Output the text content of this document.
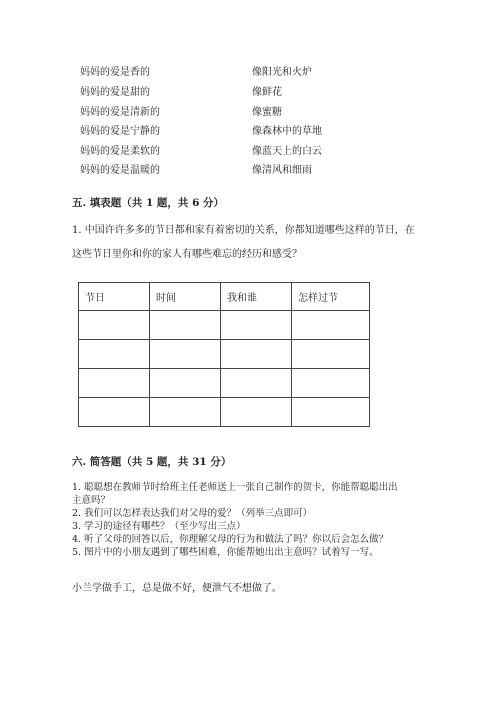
妈妈的爱是香的	像阳光和火炉
妈妈的爱是甜的	像鲜花
妈妈的爱是清新的	像蜜糖
妈妈的爱是宁静的	像森林中的草地
妈妈的爱是柔软的	像蓝天上的白云
妈妈的爱是温暖的	像清风和细雨
五. 填表题（共 1 题，共 6 分）
1. 中国许许多多的节日都和家有着密切的关系，你都知道哪些这样的节日，在
这些节日里你和你的家人有哪些难忘的经历和感受？
节日	时间	我和谁	怎样过节

六. 简答题（共 5 题，共 31 分）
1. 聪聪想在教师节时给班主任老师送上一张自己制作的贺卡，你能帮聪聪出出
主意吗？
2. 我们可以怎样表达我们对父母的爱？（列举三点即可）
3. 学习的途径有哪些？（至少写出三点）
4. 听了父母的回答以后，你理解父母的行为和做法了吗？你以后会怎么做？
5. 图片中的小朋友遇到了哪些困难，你能帮她出出主意吗？试着写一写。
小兰学做手工，总是做不好，便泄气不想做了。
